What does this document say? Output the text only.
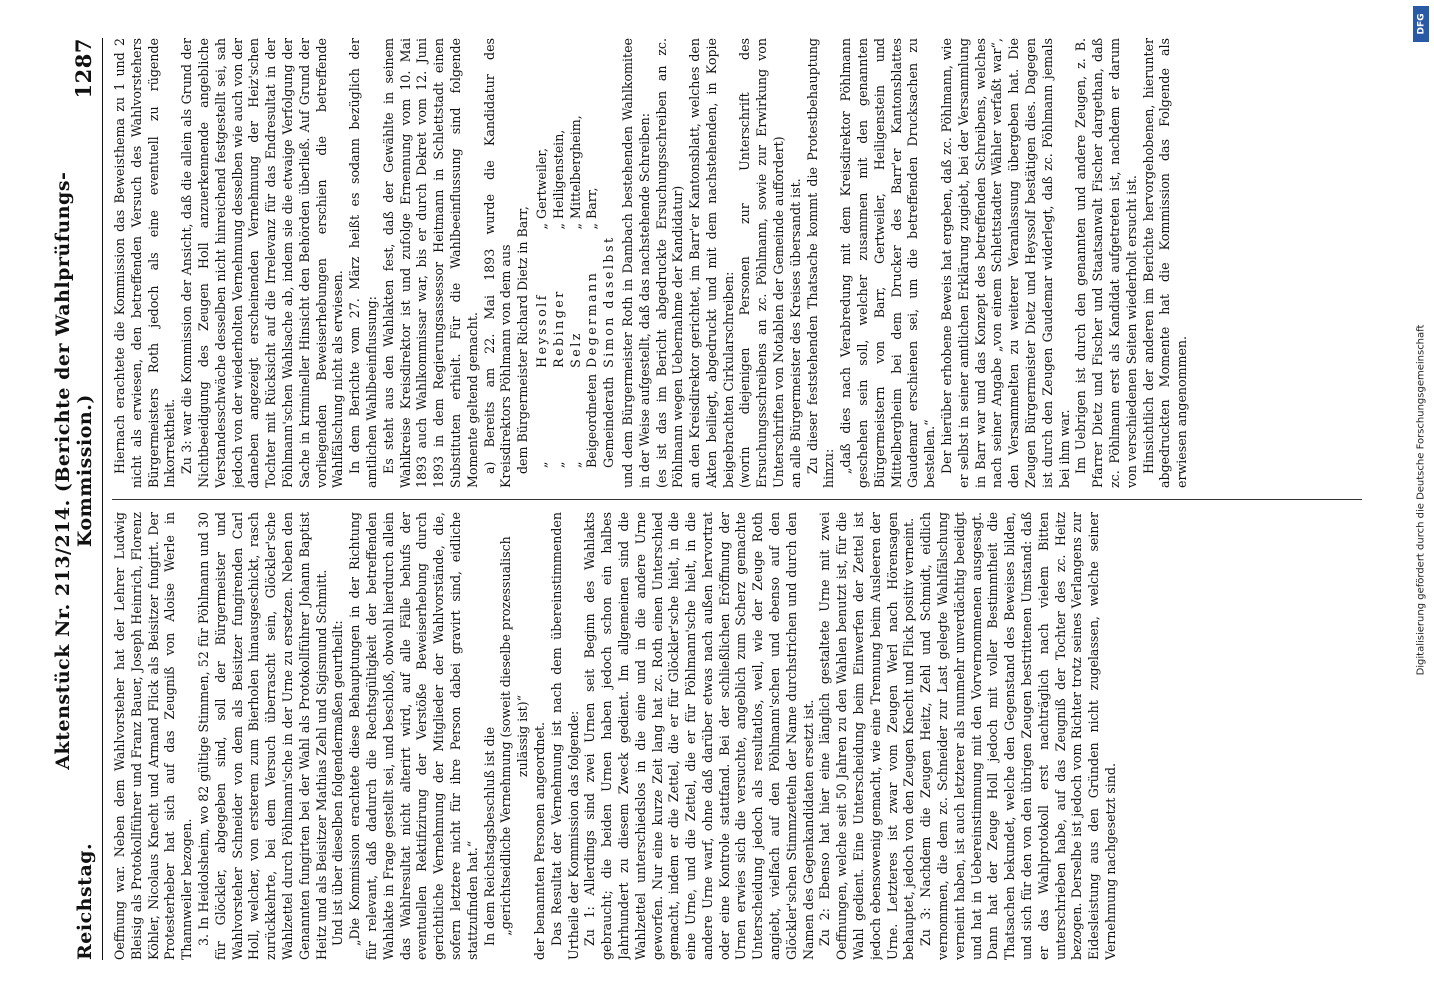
Reichstag.
Aktenstück Nr. 213/214. (Berichte der Wahlprüfungs-Kommission.)
1287

Oeffnung war. Neben dem Wahlvorsteher hat der Lehrer Ludwig Bleisig als Protokollführer und Franz Bauer, Joseph Heinrich, Florenz Köhler, Nicolaus Knecht und Armand Flick als Beisitzer fungirt. Der Protesterheber hat sich auf das Zeugniß von Aloise Werle in Thannweiler bezogen. 3. In Heidolsheim, wo 82 gültige Stimmen, 52 für Pöhlmann und 30 für Glöckler, abgegeben sind, soll der Bürgermeister und Wahlvorsteher Schneider von dem als Beisitzer fungirenden Carl Holl, welcher, von ersterem zum Bierholen hinausgeschickt, rasch zurückkehrte, bei dem Versuch überrascht sein, Glöckler'sche Wahlzettel durch Pöhlmann'sche in der Urne zu ersetzen. Neben den Genannten fungirten bei der Wahl als Protokollführer Johann Baptist Heitz und als Beisitzer Mathias Zehl und Sigismund Schmitt. Und ist über dieselben folgendermaßen geurtheilt: „Die Kommission erachtete diese Behauptungen in der Richtung für relevant, daß dadurch die Rechtsgültigkeit der betreffenden Wahlakte in Frage gestellt sei, und beschloß, obwohl hierdurch allein das Wahlresultat nicht alterirt wird, auf alle Fälle behufs der eventuellen Rektifizirung der Verstöße Beweiserhebung durch gerichtliche Vernehmung der Mitglieder der Wahlvorstände, die, sofern letztere nicht für ihre Person dabei gravirt sind, eidliche stattzufinden hat.“ In dem Reichstagsbeschluß ist die „gerichtseidliche Vernehmung (soweit dieselbe prozessualisch zulässig ist)“ der benannten Personen angeordnet. Das Resultat der Vernehmung ist nach dem übereinstimmenden Urtheile der Kommission das folgende: Zu 1: Allerdings sind zwei Urnen seit Beginn des Wahlakts gebraucht; die beiden Urnen haben jedoch schon ein halbes Jahrhundert zu diesem Zweck gedient. Im allgemeinen sind die Wahlzettel unterschiedslos in die eine und in die andere Urne geworfen. Nur eine kurze Zeit lang hat zc. Roth einen Unterschied gemacht, indem er die Zettel, die er für Glöckler'sche hielt, in die eine Urne, und die Zettel, die er für Pöhlmann'sche hielt, in die andere Urne warf, ohne daß darüber etwas nach außen hervortrat oder eine Kontrole stattfand. Bei der schließlichen Eröffnung der Urnen erwies sich die versuchte, angeblich zum Scherz gemachte Unterscheidung jedoch als resultatlos, weil, wie der Zeuge Roth angiebt, vielfach auf den Pöhlmann'schen und ebenso auf den Glöckler'schen Stimmzetteln der Name durchstrichen und durch den Namen des Gegenkandidaten ersetzt ist. Zu 2: Ebenso hat hier eine länglich gestaltete Urne mit zwei Oeffnungen, welche seit 50 Jahren zu den Wahlen benutzt ist, für die Wahl gedient. Eine Unterscheidung beim Einwerfen der Zettel ist jedoch ebensowenig gemacht, wie eine Trennung beim Ausleeren der Urne. Letzteres ist zwar vom Zeugen Werl nach Hörensagen behauptet, jedoch von den Zeugen Knecht und Flick positiv verneint. Zu 3: Nachdem die Zeugen Heitz, Zehl und Schmidt, eidlich vernommen, die dem zc. Schneider zur Last gelegte Wahlfälschung verneint haben, ist auch letzterer als nunmehr unverdächtig beeidigt und hat in Uebereinstimmung mit den Vorvernommenen ausgesagt. Dann hat der Zeuge Holl jedoch mit voller Bestimmtheit die Thatsachen bekundet, welche den Gegenstand des Beweises bilden, und sich für den von den übrigen Zeugen bestrittenen Umstand: daß er das Wahlprotokoll erst nachträglich nach vielem Bitten unterschrieben habe, auf das Zeugniß der Tochter des zc. Heitz bezogen. Derselbe ist jedoch vom Richter trotz seines Verlangens zur Eidesleistung aus den Gründen nicht zugelassen, welche seiner Vernehmung nachgesetzt sind.

Hiernach erachtete die Kommission das Beweisthema zu 1 und 2 nicht als erwiesen, den betreffenden Versuch des Wahlvorstehers Bürgermeisters Roth jedoch als eine eventuell zu rügende Inkorrektheit. Zu 3: war die Kommission der Ansicht, daß die allein als Grund der Nichtbeeidigung des Zeugen Holl anzuerkennende angebliche Verstandesschwäche desselben nicht hinreichend festgestellt sei, sah jedoch von der wiederholten Vernehmung desselben wie auch von der daneben angezeigt erscheinenden Vernehmung der Heiz'schen Tochter mit Rücksicht auf die Irrelevanz für das Endresultat in der Pöhlmann'schen Wahlsache ab, indem sie die etwaige Verfolgung der Sache in krimineller Hinsicht den Behörden überließ. Auf Grund der vorliegenden Beweiserhebungen erschien die betreffende Wahlfälschung nicht als erwiesen. In dem Berichte vom 27. März heißt es sodann bezüglich der amtlichen Wahlbeeinflussung: Es steht aus den Wahlakten fest, daß der Gewählte in seinem Wahlkreise Kreisdirektor ist und zufolge Ernennung vom 10. Mai 1893 auch Wahlkommissar war, bis er durch Dekret vom 12. Juni 1893 in dem Regierungsassessor Heitmann in Schlettstadt einen Substituten erhielt. Für die Wahlbeeinflussung sind folgende Momente geltend gemacht. a) Bereits am 22. Mai 1893 wurde die Kandidatur des Kreisdirektors Pöhlmann von dem aus dem Bürgermeister Richard Dietz in Barr, „	Heyssolf	„ Gertweiler,
„	Rebinger	„ Heiligenstein,
„	Selz	„ Mittelbergheim,
Beigeordneten	Degermann	„ Barr,
Gemeinderath	Simon daselbst	und dem Bürgermeister Roth in Dambach bestehenden Wahlkomitee in der Weise aufgestellt, daß das nachstehende Schreiben: (es ist das im Bericht abgedruckte Ersuchungsschreiben an zc. Pöhlmann wegen Uebernahme der Kandidatur) an den Kreisdirektor gerichtet, im Barr'er Kantonsblatt, welches den Akten beiliegt, abgedruckt und mit dem nachstehenden, in Kopie beigebrachten Cirkularschreiben: (worin diejenigen Personen zur Unterschrift des Ersuchungsschreibens an zc. Pöhlmann, sowie zur Erwirkung von Unterschriften von Notablen der Gemeinde auffordert) an alle Bürgermeister des Kreises übersandt ist. Zu dieser feststehenden Thatsache kommt die Protestbehauptung hinzu: „daß dies nach Verabredung mit dem Kreisdirektor Pöhlmann geschehen sein soll, welcher zusammen mit den genannten Bürgermeistern von Barr, Gertweiler, Heiligenstein und Mittelbergheim bei dem Drucker des Barr'er Kantonsblattes Gaudemar erschienen sei, um die betreffenden Drucksachen zu bestellen.“ Der hierüber erhobene Beweis hat ergeben, daß zc. Pöhlmann, wie er selbst in seiner amtlichen Erklärung zugiebt, bei der Versammlung in Barr war und das Konzept des betreffenden Schreibens, welches nach seiner Angabe „von einem Schlettstadter Wähler verfaßt war“, den Versammelten zu weiterer Veranlassung übergeben hat. Die Zeugen Bürgermeister Dietz und Heyssolf bestätigen dies. Dagegen ist durch den Zeugen Gaudemar widerlegt, daß zc. Pöhlmann jemals bei ihm war. Im Uebrigen ist durch den genannten und andere Zeugen, z. B. Pfarrer Dietz und Fischer und Staatsanwalt Fischer dargethan, daß zc. Pöhlmann erst als Kandidat aufgetreten ist, nachdem er darum von verschiedenen Seiten wiederholt ersucht ist. Hinsichtlich der anderen im Berichte hervorgehobenen, hierunter abgedruckten Momente hat die Kommission das Folgende als erwiesen angenommen.

DFG
Digitalisierung gefördert durch die Deutsche Forschungsgemeinschaft
